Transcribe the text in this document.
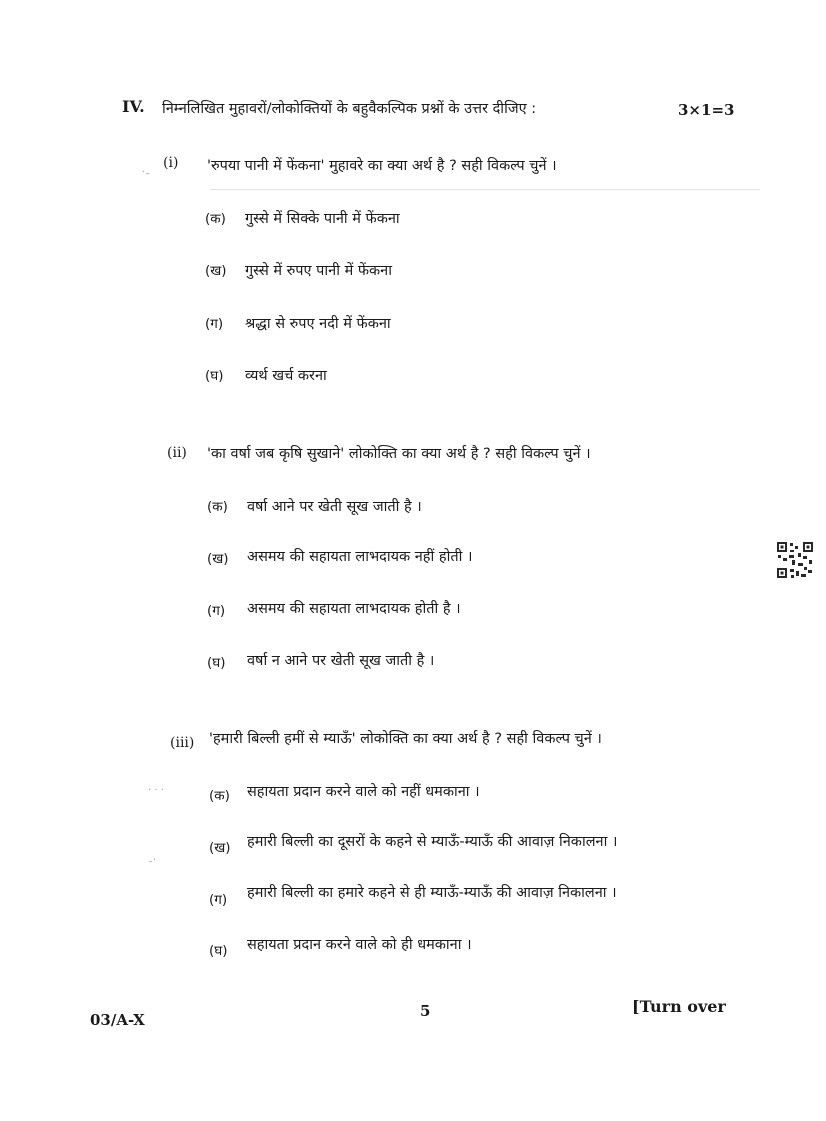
IV. निम्नलिखित मुहावरों/लोकोक्तियों के बहुवैकल्पिक प्रश्नों के उत्तर दीजिए :	3×1=3
(i) 'रुपया पानी में फेंकना' मुहावरे का क्या अर्थ है ? सही विकल्प चुनें ।
(क) गुस्से में सिक्के पानी में फेंकना
(ख) गुस्से में रुपए पानी में फेंकना
(ग) श्रद्धा से रुपए नदी में फेंकना
(घ) व्यर्थ खर्च करना
(ii) 'का वर्षा जब कृषि सुखाने' लोकोक्ति का क्या अर्थ है ? सही विकल्प चुनें ।
(क) वर्षा आने पर खेती सूख जाती है ।
(ख) असमय की सहायता लाभदायक नहीं होती ।
(ग) असमय की सहायता लाभदायक होती है ।
(घ) वर्षा न आने पर खेती सूख जाती है ।
(iii) 'हमारी बिल्ली हमीं से म्याऊँ' लोकोक्ति का क्या अर्थ है ? सही विकल्प चुनें ।
(क) सहायता प्रदान करने वाले को नहीं धमकाना ।
(ख) हमारी बिल्ली का दूसरों के कहने से म्याऊँ-म्याऊँ की आवाज़ निकालना ।
(ग) हमारी बिल्ली का हमारे कहने से ही म्याऊँ-म्याऊँ की आवाज़ निकालना ।
(घ) सहायता प्रदान करने वाले को ही धमकाना ।
.˷
. . .
˷.
03/A-X	5	[Turn over
